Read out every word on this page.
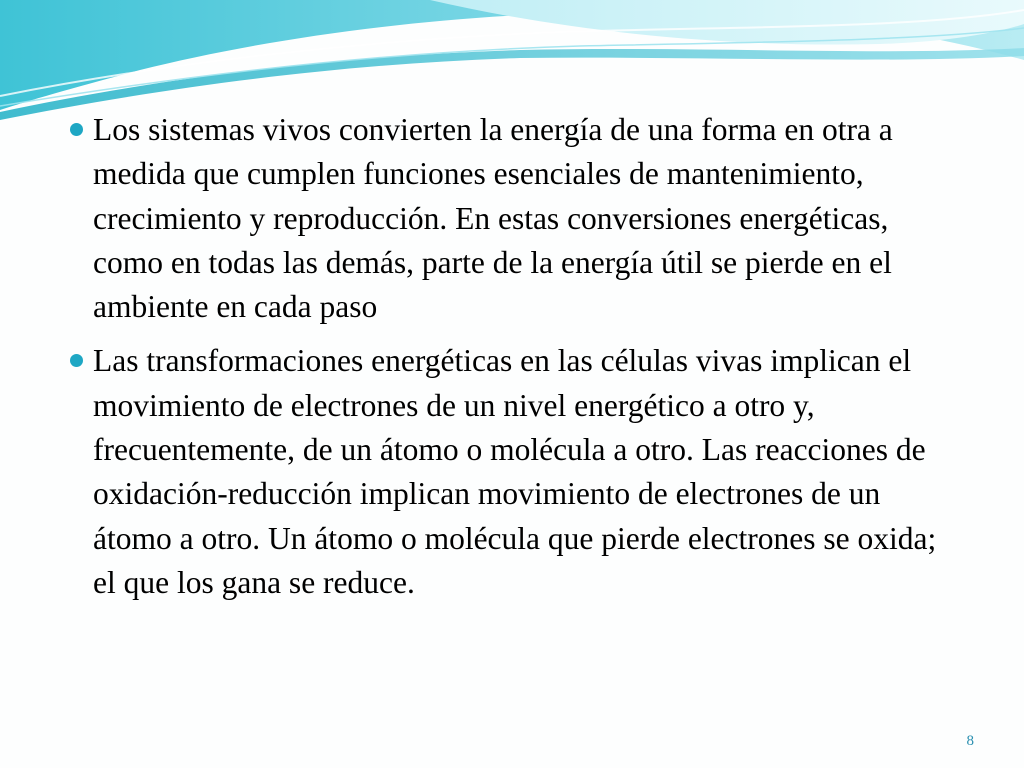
Los sistemas vivos convierten la energía de una forma en otra a medida que cumplen funciones esenciales de mantenimiento, crecimiento y reproducción. En estas conversiones energéticas, como en todas las demás, parte de la energía útil se pierde en el ambiente en cada paso
Las transformaciones energéticas en las células vivas implican el movimiento de electrones de un nivel energético a otro y, frecuentemente, de un átomo o molécula a otro. Las reacciones de oxidación-reducción implican movimiento de electrones de un átomo a otro. Un átomo o molécula que pierde electrones se oxida; el que los gana se reduce.
8
